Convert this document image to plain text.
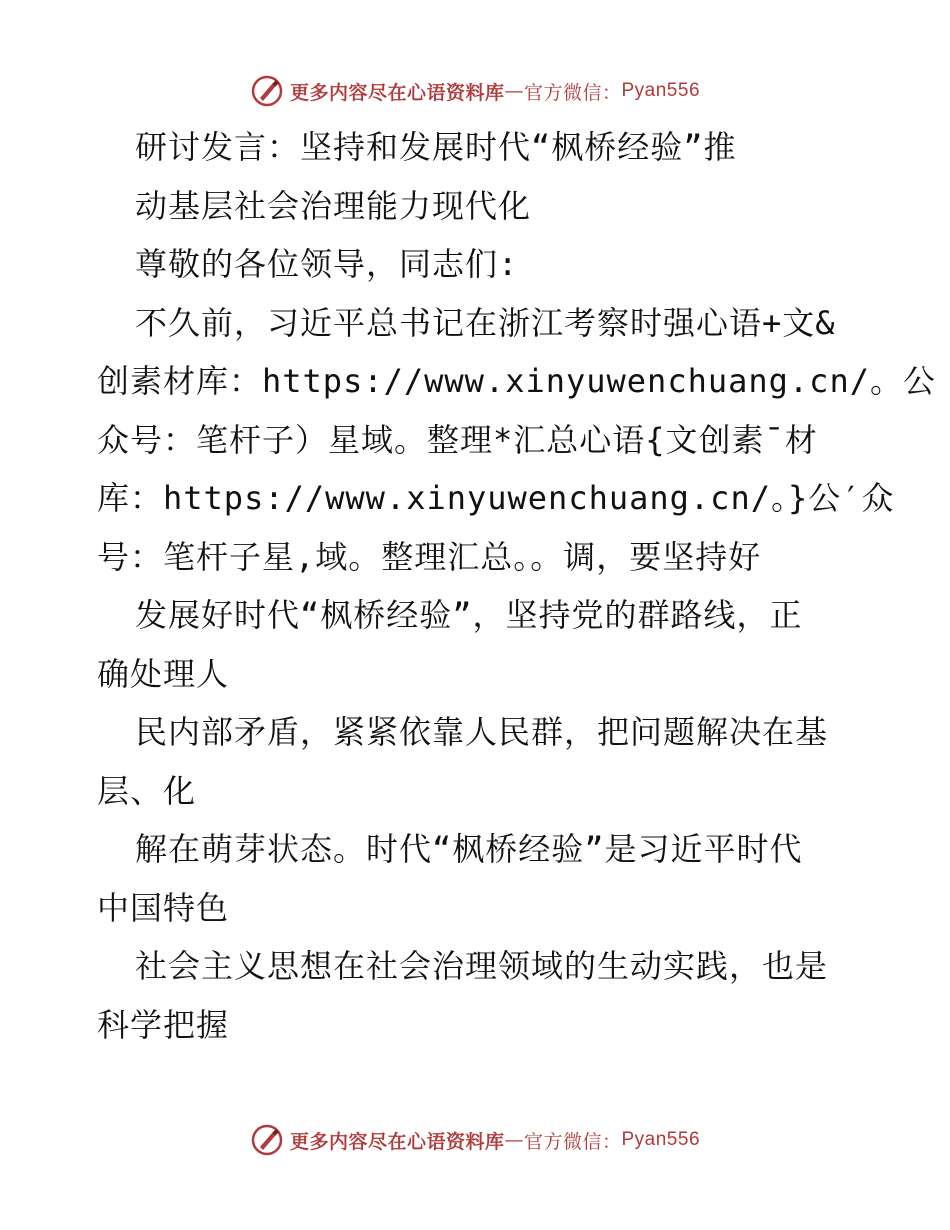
更多内容尽在心语资料库 — 官方微信： Pyan556
研讨发言：坚持和发展时代“枫桥经验”推
动基层社会治理能力现代化
尊敬的各位领导，同志们:
不久前，习近平总书记在浙江考察时强心语+文&
创素材库：https://www.xinyuwenchuang.cn/。公
众号：笔杆子）星域。整理*汇总心语{文创素¯材
库：https://www.xinyuwenchuang.cn/。}公′众
号：笔杆子星,域。整理汇总。。调，要坚持好
发展好时代“枫桥经验”，坚持党的群路线，正
确处理人
民内部矛盾，紧紧依靠人民群，把问题解决在基
层、化
解在萌芽状态。时代“枫桥经验”是习近平时代
中国特色
社会主义思想在社会治理领域的生动实践，也是
科学把握
更多内容尽在心语资料库 — 官方微信： Pyan556
